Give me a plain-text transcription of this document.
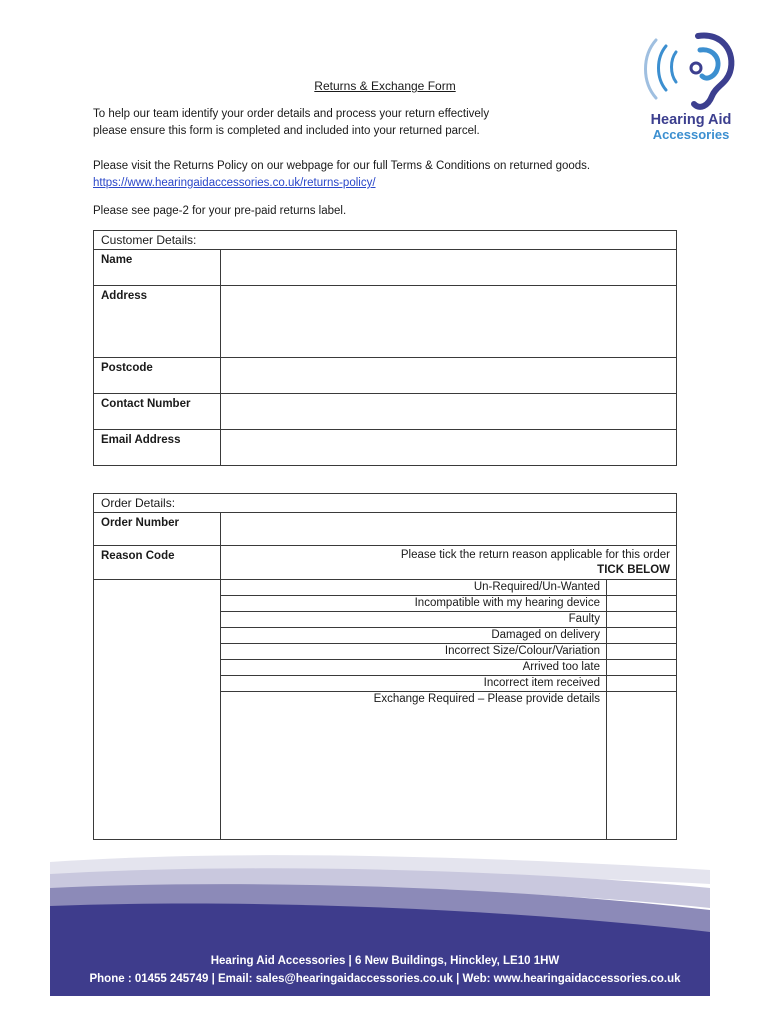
Returns & Exchange Form
To help our team identify your order details and process your return effectively
please ensure this form is completed and included into your returned parcel.
Please visit the Returns Policy on our webpage for our full Terms & Conditions on returned goods.
https://www.hearingaidaccessories.co.uk/returns-policy/
Please see page-2 for your pre-paid returns label.
Hearing Aid
Accessories
Customer Details:	
Name	
Address	
Postcode	
Contact Number	
Email Address	
Order Details:		
Order Number		
Reason Code	Please tick the return reason applicable for this order
TICK BELOW	

	Un-Required/Un-Wanted	
	Incompatible with my hearing device	
	Faulty	
	Damaged on delivery	
	Incorrect Size/Colour/Variation	
	Arrived too late	
	Incorrect item received	
	Exchange Required – Please provide details	
Hearing Aid Accessories | 6 New Buildings, Hinckley, LE10 1HW
Phone : 01455 245749 | Email: sales@hearingaidaccessories.co.uk | Web: www.hearingaidaccessories.co.uk
